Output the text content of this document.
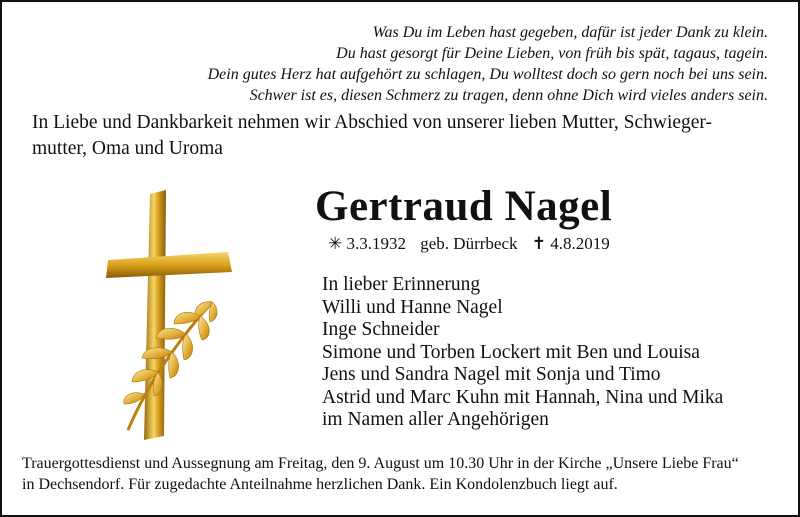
Was Du im Leben hast gegeben, dafür ist jeder Dank zu klein.
Du hast gesorgt für Deine Lieben, von früh bis spät, tagaus, tagein.
Dein gutes Herz hat aufgehört zu schlagen, Du wolltest doch so gern noch bei uns sein.
Schwer ist es, diesen Schmerz zu tragen, denn ohne Dich wird vieles anders sein.
In Liebe und Dankbarkeit nehmen wir Abschied von unserer lieben Mutter, Schwieger-
mutter, Oma und Uroma
Gertraud Nagel
✳ 3.3.1932 geb. Dürrbeck ✝ 4.8.2019
In lieber Erinnerung
Willi und Hanne Nagel
Inge Schneider
Simone und Torben Lockert mit Ben und Louisa
Jens und Sandra Nagel mit Sonja und Timo
Astrid und Marc Kuhn mit Hannah, Nina und Mika
im Namen aller Angehörigen
Trauergottesdienst und Aussegnung am Freitag, den 9. August um 10.30 Uhr in der Kirche „Unsere Liebe Frau“
in Dechsendorf. Für zugedachte Anteilnahme herzlichen Dank. Ein Kondolenzbuch liegt auf.
